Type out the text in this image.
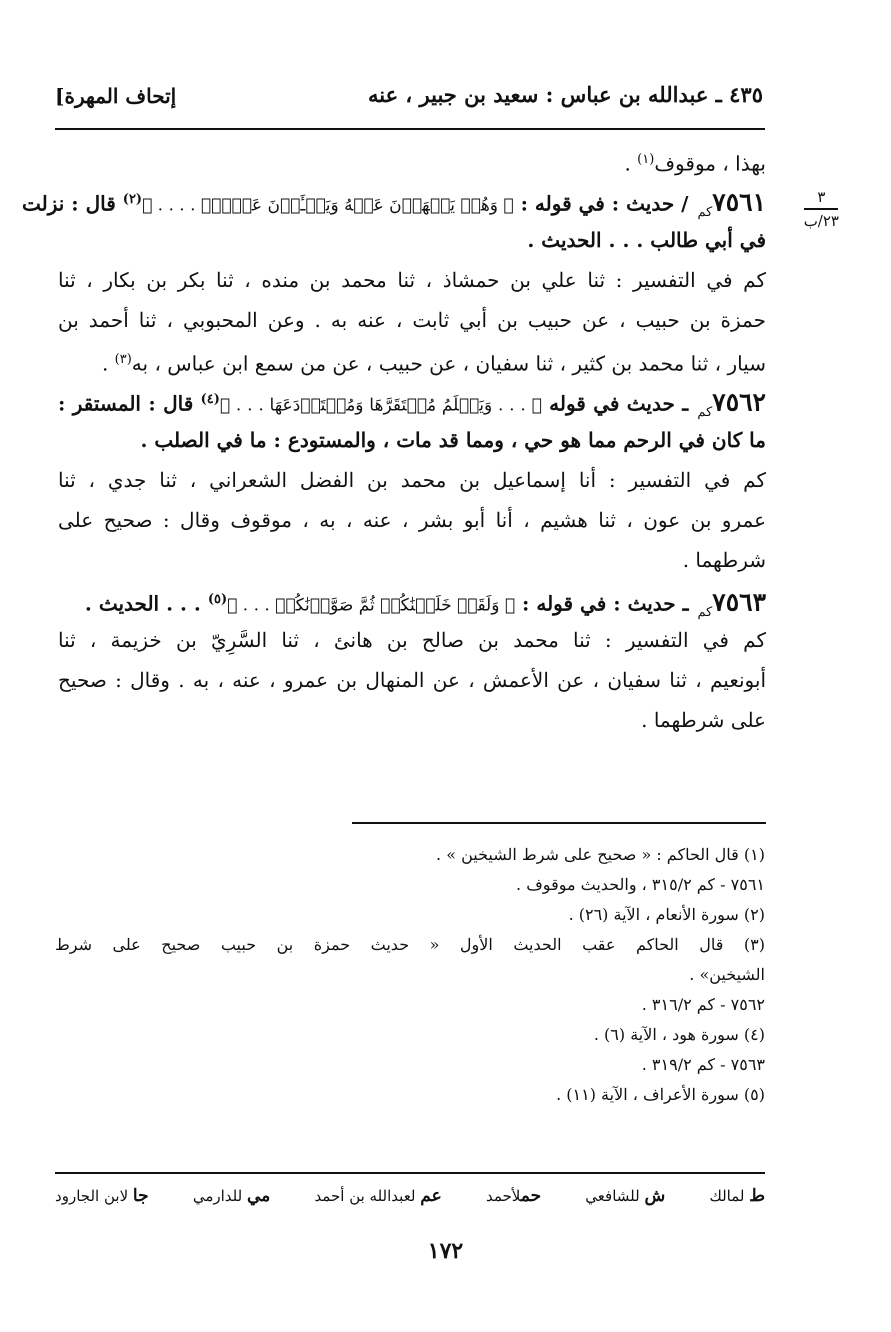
٤٣٥ ـ عبدالله بن عباس : سعيد بن جبير ، عنه
[إتحاف المهرة
٣
٢٣/ب
بهذا ، موقوف$^{(١)}$ .
$٧٥٦١_{كم}$ / حديث : في قوله : ﴿ وَهُمۡ يَنۡهَوۡنَ عَنۡهُ وَيَنۡـَٔوۡنَ عَنۡهُۖ . . . . ﴾$^{(٢)}$ قال : نزلت
في أبي طالب . . . الحديث .
كم في التفسير : ثنا علي بن حمشاذ ، ثنا محمد بن منده ، ثنا بكر بن بكار ، ثنا
حمزة بن حبيب ، عن حبيب بن أبي ثابت ، عنه به . وعن المحبوبي ، ثنا أحمد بن
سيار ، ثنا محمد بن كثير ، ثنا سفيان ، عن حبيب ، عن من سمع ابن عباس ، به$^{(٣)}$ .
$٧٥٦٢_{كم}$ ـ حديث في قوله ﴿ . . . وَيَعۡلَمُ مُسۡتَقَرَّهَا وَمُسۡتَوۡدَعَهَا . . . ﴾$^{(٤)}$ قال : المستقر :
ما كان في الرحم مما هو حي ، ومما قد مات ، والمستودع : ما في الصلب .
كم في التفسير : أنا إسماعيل بن محمد بن الفضل الشعراني ، ثنا جدي ، ثنا
عمرو بن عون ، ثنا هشيم ، أنا أبو بشر ، عنه ، به ، موقوف وقال : صحيح على
شرطهما .
$٧٥٦٣_{كم}$ ـ حديث : في قوله : ﴿ وَلَقَدۡ خَلَقۡنَٰكُمۡ ثُمَّ صَوَّرۡنَٰكُمۡ . . . ﴾$^{(٥)}$ . . . الحديث .
كم في التفسير : ثنا محمد بن صالح بن هانئ ، ثنا السَّرِيّ بن خزيمة ، ثنا
أبونعيم ، ثنا سفيان ، عن الأعمش ، عن المنهال بن عمرو ، عنه ، به . وقال : صحيح
على شرطهما .
(١) قال الحاكم : « صحيح على شرط الشيخين » .
٧٥٦١ - كم ٣١٥/٢ ، والحديث موقوف .
(٢) سورة الأنعام ، الآية (٢٦) .
(٣) قال الحاكم عقب الحديث الأول « حديث حمزة بن حبيب صحيح على شرط
الشيخين» .
٧٥٦٢ - كم ٣١٦/٢ .
(٤) سورة هود ، الآية (٦) .
٧٥٦٣ - كم ٣١٩/٢ .
(٥) سورة الأعراف ، الآية (١١) .
ط لمالك
ش للشافعي
حملأحمد
عم لعبدالله بن أحمد
مي للدارمي
جا لابن الجارود
١٧٢
